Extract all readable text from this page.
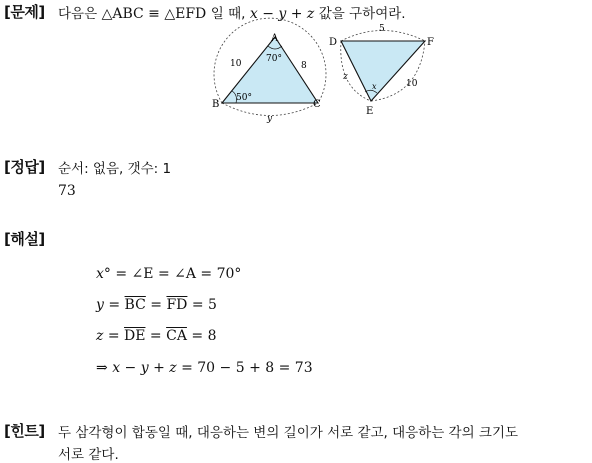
[문제] 다음은 △ABC ≡ △EFD 일 때, x − y + z 값을 구하여라.
A
B	C
70°
50°
10	8
y
D	F
E
5
z
10
x
[정답] 순서: 없음, 갯수: 1
73
[해설]
x° = ∠E = ∠A = 70°
$y = \overline{BC} = \overline{FD} = 5$
$z = \overline{DE} = \overline{CA} = 8$
⇒ x − y + z = 70 − 5 + 8 = 73
[힌트] 두 삼각형이 합동일 때, 대응하는 변의 길이가 서로 같고, 대응하는 각의 크기도
서로 같다.
